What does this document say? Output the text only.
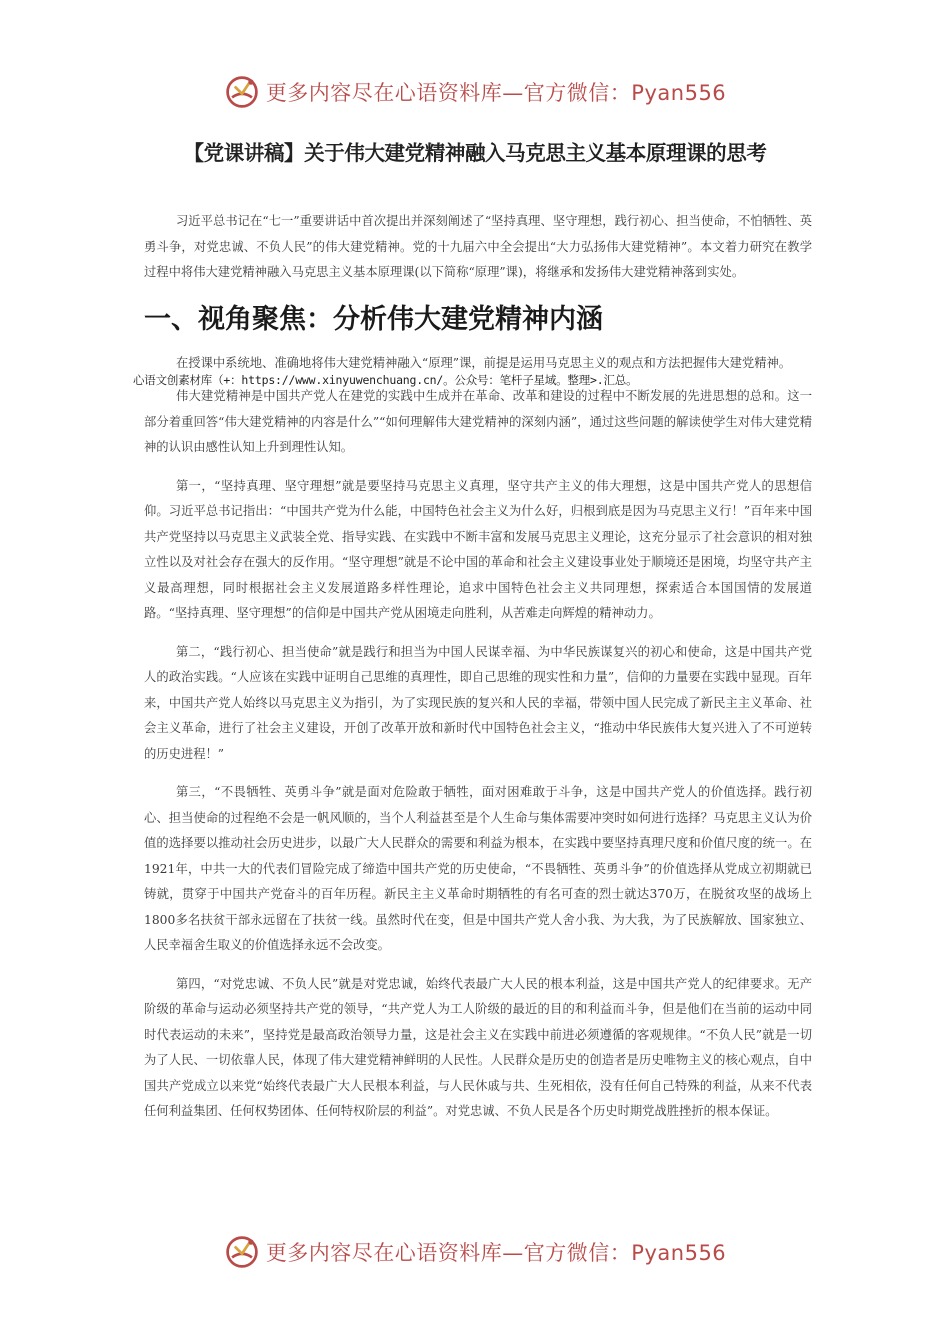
更多内容尽在心语资料库—官方微信：Pyan556
【党课讲稿】关于伟大建党精神融入马克思主义基本原理课的思考

习近平总书记在“七一”重要讲话中首次提出并深刻阐述了“坚持真理、坚守理想，践行初心、担当使命，不怕牺牲、英勇斗争，对党忠诚、不负人民”的伟大建党精神。党的十九届六中全会提出“大力弘扬伟大建党精神”。本文着力研究在教学过程中将伟大建党精神融入马克思主义基本原理课(以下简称“原理”课)，将继承和发扬伟大建党精神落到实处。

一、视角聚焦：分析伟大建党精神内涵

在授课中系统地、准确地将伟大建党精神融入“原理”课，前提是运用马克思主义的观点和方法把握伟大建党精神。

心语文创素材库（+：https://www.xinyuwenchuang.cn/。公众号：笔杆子星域。整理>.汇总。

伟大建党精神是中国共产党人在建党的实践中生成并在革命、改革和建设的过程中不断发展的先进思想的总和。这一部分着重回答“伟大建党精神的内容是什么”“如何理解伟大建党精神的深刻内涵”，通过这些问题的解读使学生对伟大建党精神的认识由感性认知上升到理性认知。

第一，“坚持真理、坚守理想”就是要坚持马克思主义真理，坚守共产主义的伟大理想，这是中国共产党人的思想信仰。习近平总书记指出：“中国共产党为什么能，中国特色社会主义为什么好，归根到底是因为马克思主义行！”百年来中国共产党坚持以马克思主义武装全党、指导实践、在实践中不断丰富和发展马克思主义理论，这充分显示了社会意识的相对独立性以及对社会存在强大的反作用。“坚守理想”就是不论中国的革命和社会主义建设事业处于顺境还是困境，均坚守共产主义最高理想，同时根据社会主义发展道路多样性理论，追求中国特色社会主义共同理想，探索适合本国国情的发展道路。“坚持真理、坚守理想”的信仰是中国共产党从困境走向胜利，从苦难走向辉煌的精神动力。

第二，“践行初心、担当使命”就是践行和担当为中国人民谋幸福、为中华民族谋复兴的初心和使命，这是中国共产党人的政治实践。“人应该在实践中证明自己思维的真理性，即自己思维的现实性和力量”，信仰的力量要在实践中显现。百年来，中国共产党人始终以马克思主义为指引，为了实现民族的复兴和人民的幸福，带领中国人民完成了新民主主义革命、社会主义革命，进行了社会主义建设，开创了改革开放和新时代中国特色社会主义，“推动中华民族伟大复兴进入了不可逆转的历史进程！”

第三，“不畏牺牲、英勇斗争”就是面对危险敢于牺牲，面对困难敢于斗争，这是中国共产党人的价值选择。践行初心、担当使命的过程绝不会是一帆风顺的，当个人利益甚至是个人生命与集体需要冲突时如何进行选择？马克思主义认为价值的选择要以推动社会历史进步，以最广大人民群众的需要和利益为根本，在实践中要坚持真理尺度和价值尺度的统一。在1921年，中共一大的代表们冒险完成了缔造中国共产党的历史使命，“不畏牺牲、英勇斗争”的价值选择从党成立初期就已铸就，贯穿于中国共产党奋斗的百年历程。新民主主义革命时期牺牲的有名可查的烈士就达370万，在脱贫攻坚的战场上1800多名扶贫干部永远留在了扶贫一线。虽然时代在变，但是中国共产党人舍小我、为大我，为了民族解放、国家独立、人民幸福舍生取义的价值选择永远不会改变。

第四，“对党忠诚、不负人民”就是对党忠诚，始终代表最广大人民的根本利益，这是中国共产党人的纪律要求。无产阶级的革命与运动必须坚持共产党的领导，“共产党人为工人阶级的最近的目的和利益而斗争，但是他们在当前的运动中同时代表运动的未来”，坚持党是最高政治领导力量，这是社会主义在实践中前进必须遵循的客观规律。“不负人民”就是一切为了人民、一切依靠人民，体现了伟大建党精神鲜明的人民性。人民群众是历史的创造者是历史唯物主义的核心观点，自中国共产党成立以来党“始终代表最广大人民根本利益，与人民休戚与共、生死相依，没有任何自己特殊的利益，从来不代表任何利益集团、任何权势团体、任何特权阶层的利益”。对党忠诚、不负人民是各个历史时期党战胜挫折的根本保证。

更多内容尽在心语资料库—官方微信：Pyan556
